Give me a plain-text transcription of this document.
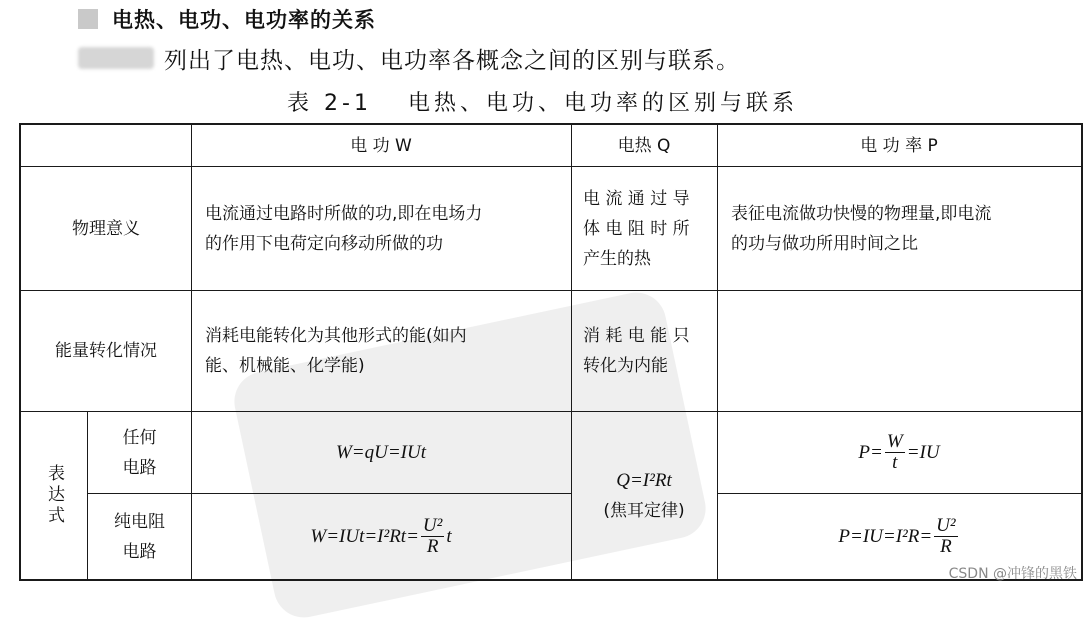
电热、电功、电功率的关系
列出了电热、电功、电功率各概念之间的区别与联系。
表 2-1 电热、电功、电功率的区别与联系
电 功 W	电热 Q	电 功 率 P
物理意义
电流通过电路时所做的功,即在电场力
的作用下电荷定向移动所做的功
电 流 通 过 导
体 电 阻 时 所
产生的热
表征电流做功快慢的物理量,即电流
的功与做功所用时间之比
能量转化情况
消耗电能转化为其他形式的能(如内
能、机械能、化学能)
消 耗 电 能 只
转化为内能
表达式
任何
电路
纯电阻
电路
W=qU=IUt
$W=IUt=I^2Rt= \frac{\text{U²}}{R}$ t
Q=I²Rt
(焦耳定律)
$P= \frac{W}{t} =IU$
$P=IU=I^2R= \frac{\text{U²}}{R}$
CSDN @冲锋的黑铁
